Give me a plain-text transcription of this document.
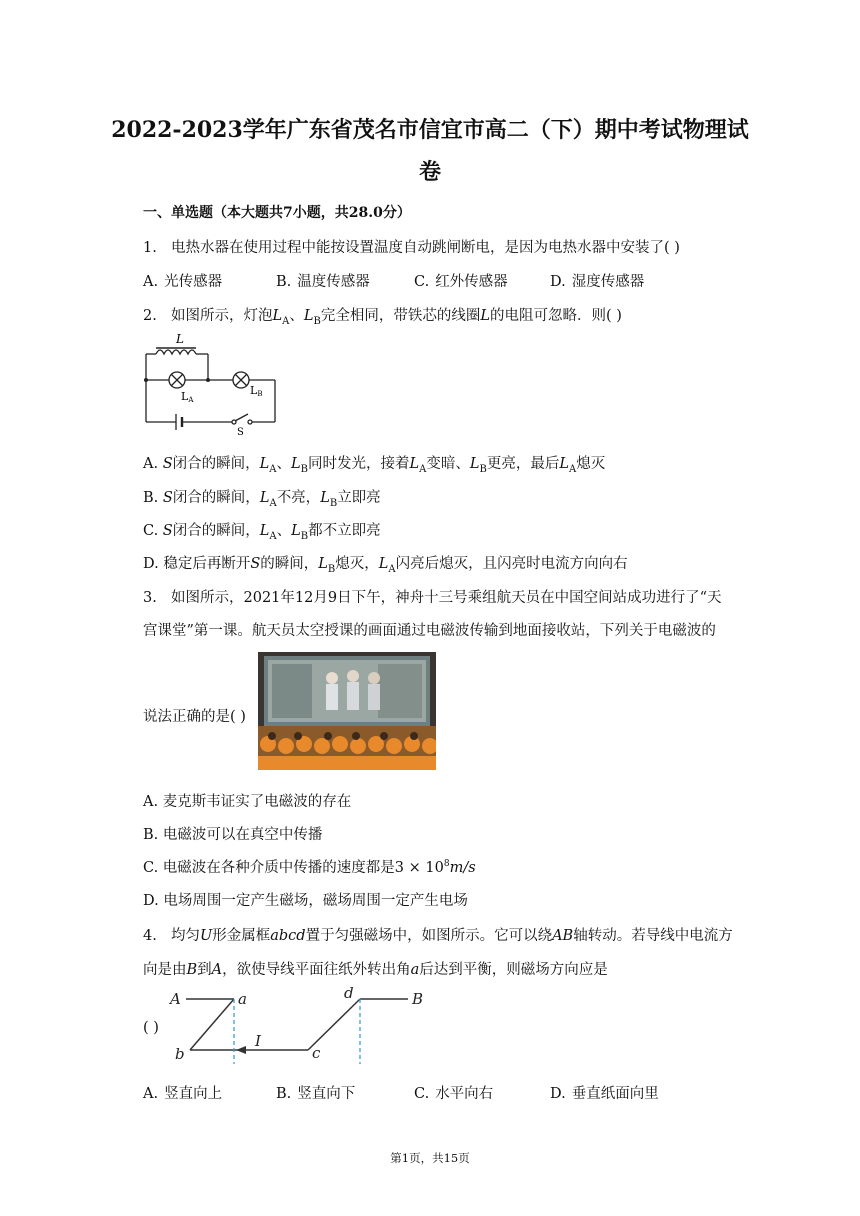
2022-2023学年广东省茂名市信宜市高二（下）期中考试物理试
卷
一、单选题（本大题共7小题，共28.0分）
1. 电热水器在使用过程中能按设置温度自动跳闸断电，是因为电热水器中安装了( )
A. 光传感器	B. 温度传感器	C. 红外传感器	D. 湿度传感器
2. 如图所示，灯泡$L_A$、$L_B$完全相同，带铁芯的线圈L的电阻可忽略．则( )
L
LA
LB
S
A. S闭合的瞬间，$L_A$、$L_B$同时发光，接着$L_A$变暗、$L_B$更亮，最后$L_A$熄灭
B. S闭合的瞬间，$L_A$不亮，$L_B$立即亮
C. S闭合的瞬间，$L_A$、$L_B$都不立即亮
D. 稳定后再断开S的瞬间，$L_B$熄灭，$L_A$闪亮后熄灭，且闪亮时电流方向向右
3. 如图所示，2021年12月9日下午，神舟十三号乘组航天员在中国空间站成功进行了“天
宫课堂”第一课。航天员太空授课的画面通过电磁波传输到地面接收站，下列关于电磁波的
说法正确的是( )
A. 麦克斯韦证实了电磁波的存在
B. 电磁波可以在真空中传播
C. 电磁波在各种介质中传播的速度都是$3 \times 10^8m/s$
D. 电场周围一定产生磁场，磁场周围一定产生电场
4. 均匀U形金属框abcd置于匀强磁场中，如图所示。它可以绕AB轴转动。若导线中电流方
向是由B到A，欲使导线平面往纸外转出角a后达到平衡，则磁场方向应是
A	a
b
I
c
d	B
( )
A. 竖直向上	B. 竖直向下	C. 水平向右	D. 垂直纸面向里
第1页，共15页
